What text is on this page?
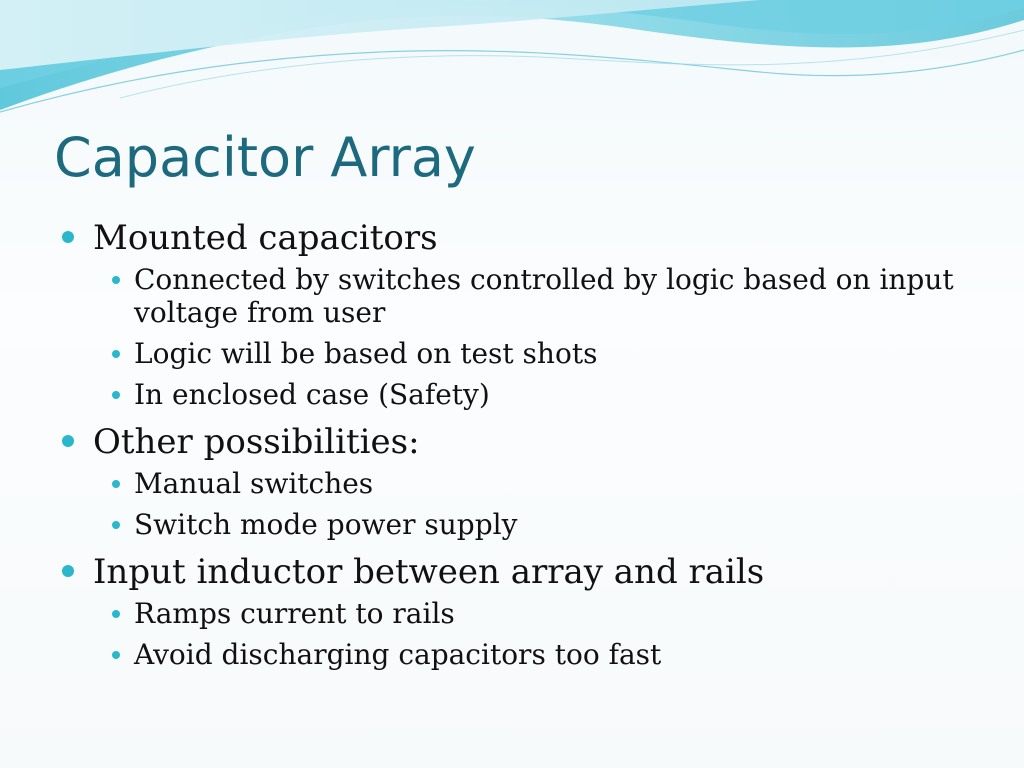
Capacitor Array
Mounted capacitors
Connected by switches controlled by logic based on input voltage from user
Logic will be based on test shots
In enclosed case (Safety)
Other possibilities:
Manual switches
Switch mode power supply
Input inductor between array and rails
Ramps current to rails
Avoid discharging capacitors too fast
